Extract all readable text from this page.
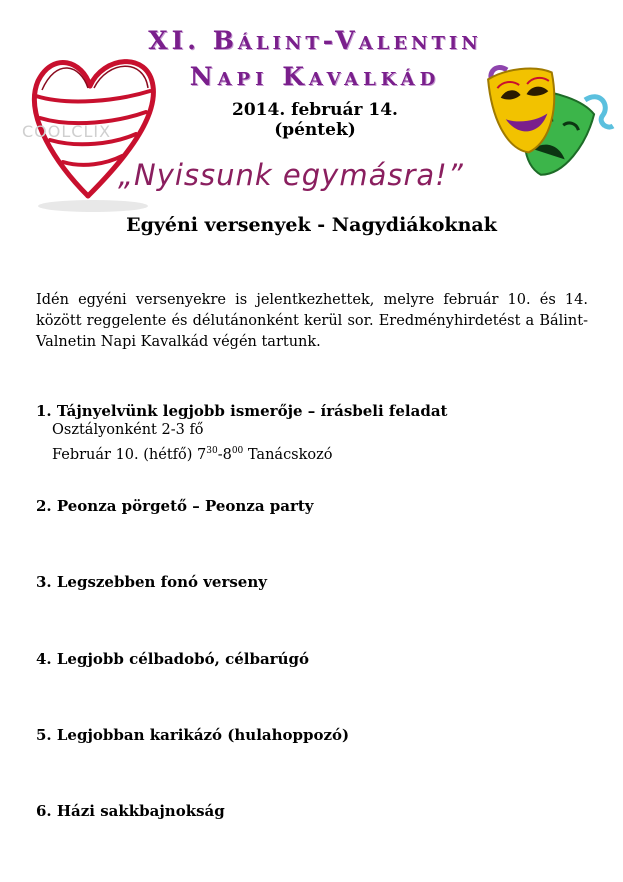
XI. Bálint-Valentin
Napi Kavalkád
2014. február 14. (péntek)
COOLCLIX
„Nyissunk egymásra!”
Egyéni versenyek - Nagydiákoknak
Idén egyéni versenyekre is jelentkezhettek, melyre február 10. és 14. között reggelente és délutánonként kerül sor. Eredményhirdetést a Bálint-Valnetin Napi Kavalkád végén tartunk.
1. Tájnyelvünk legjobb ismerője – írásbeli feladat
Osztályonként 2-3 fő
Február 10. (hétfő) $7^{30}-8^{00}$ Tanácskozó
2. Peonza pörgető – Peonza party
3. Legszebben fonó verseny
4. Legjobb célbadobó, célbarúgó
5. Legjobban karikázó (hulahoppozó)
6. Házi sakkbajnokság
